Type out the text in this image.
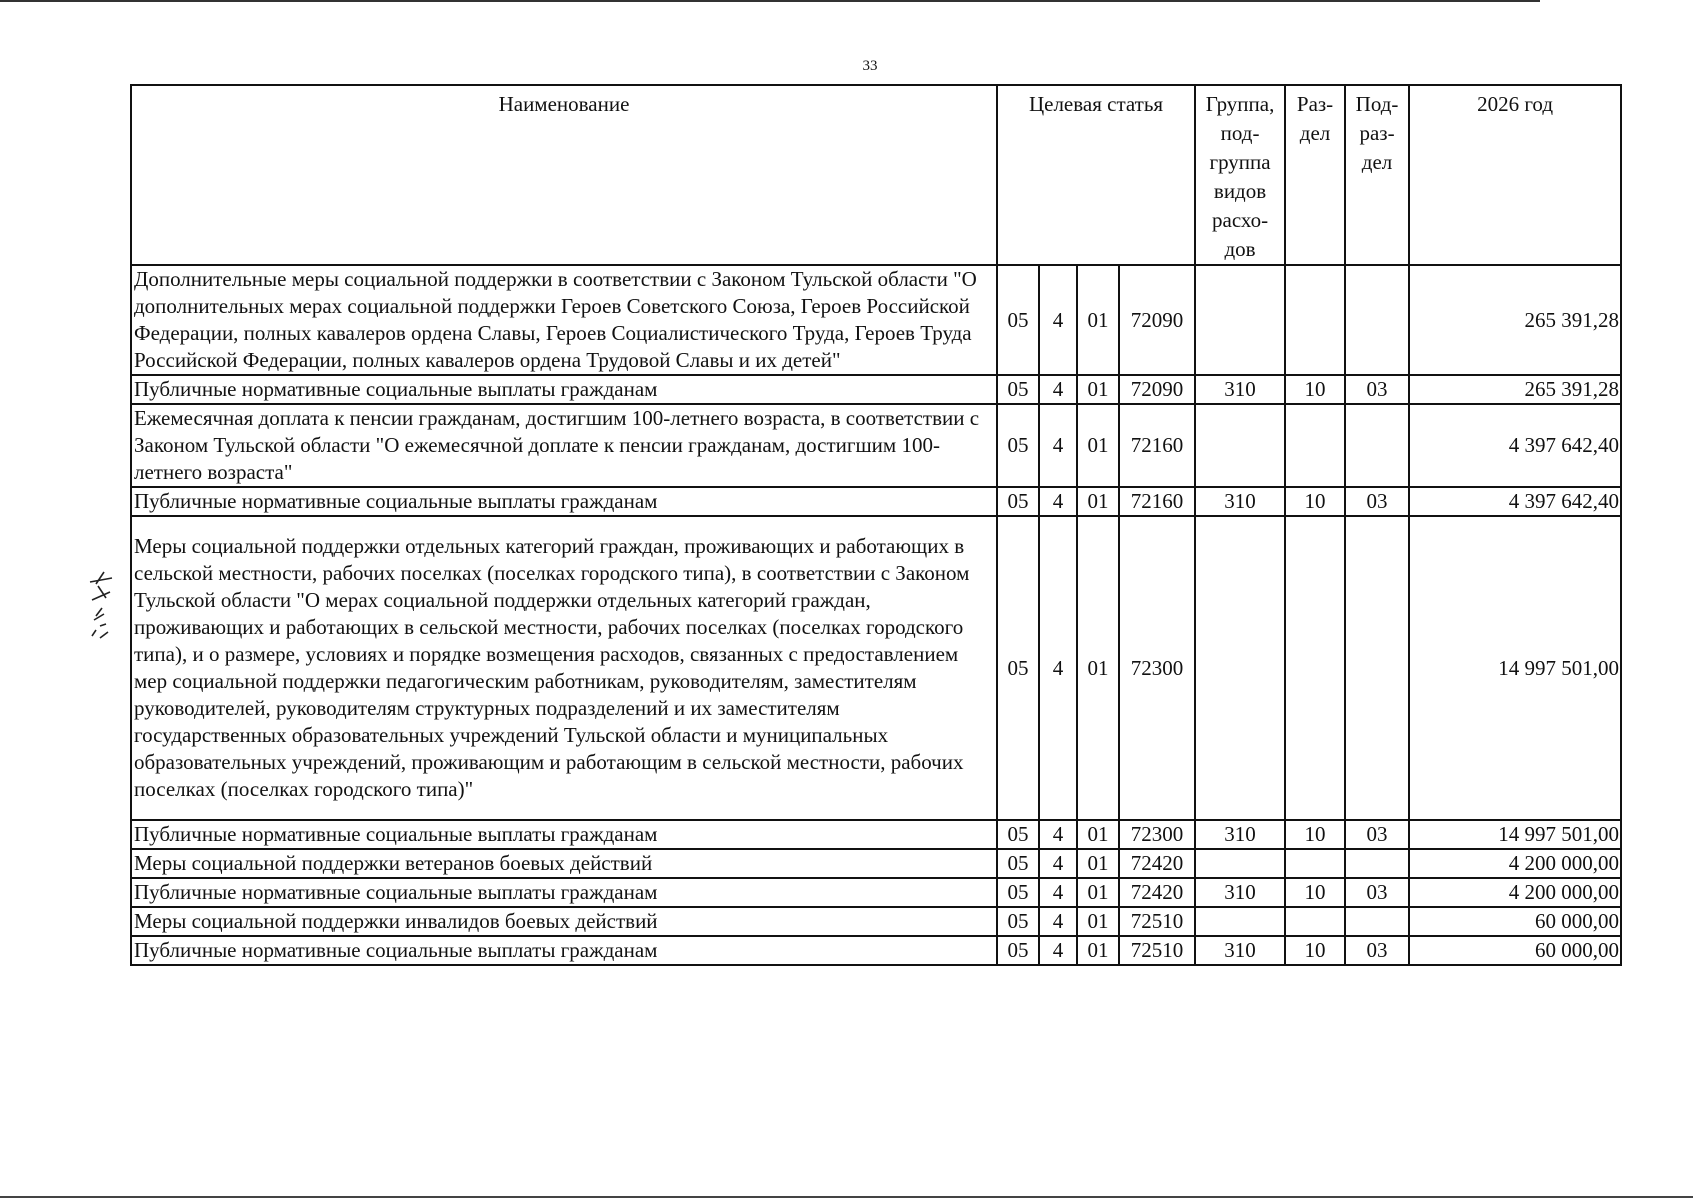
33
Наименование	Целевая статья				Группа, под-группа видов расхо-дов	Раз-дел	Под-раз-дел	2026 год
Дополнительные меры социальной поддержки в соответствии с Законом Тульской области "О дополнительных мерах социальной поддержки Героев Советского Союза, Героев Российской Федерации, полных кавалеров ордена Славы, Героев Социалистического Труда, Героев Труда Российской Федерации, полных кавалеров ордена Трудовой Славы и их детей"	05	4	01	72090				265 391,28
Публичные нормативные социальные выплаты гражданам	05	4	01	72090	310	10	03	265 391,28
Ежемесячная доплата к пенсии гражданам, достигшим 100-летнего возраста, в соответствии с Законом Тульской области "О ежемесячной доплате к пенсии гражданам, достигшим 100-летнего возраста"	05	4	01	72160				4 397 642,40
Публичные нормативные социальные выплаты гражданам	05	4	01	72160	310	10	03	4 397 642,40
Меры социальной поддержки отдельных категорий граждан, проживающих и работающих в сельской местности, рабочих поселках (поселках городского типа), в соответствии с Законом Тульской области "О мерах социальной поддержки отдельных категорий граждан, проживающих и работающих в сельской местности, рабочих поселках (поселках городского типа), и о размере, условиях и порядке возмещения расходов, связанных с предоставлением мер социальной поддержки педагогическим работникам, руководителям, заместителям руководителей, руководителям структурных подразделений и их заместителям государственных образовательных учреждений Тульской области и муниципальных образовательных учреждений, проживающим и работающим в сельской местности, рабочих поселках (поселках городского типа)"	05	4	01	72300				14 997 501,00
Публичные нормативные социальные выплаты гражданам	05	4	01	72300	310	10	03	14 997 501,00
Меры социальной поддержки ветеранов боевых действий	05	4	01	72420				4 200 000,00
Публичные нормативные социальные выплаты гражданам	05	4	01	72420	310	10	03	4 200 000,00
Меры социальной поддержки инвалидов боевых действий	05	4	01	72510				60 000,00
Публичные нормативные социальные выплаты гражданам	05	4	01	72510	310	10	03	60 000,00
